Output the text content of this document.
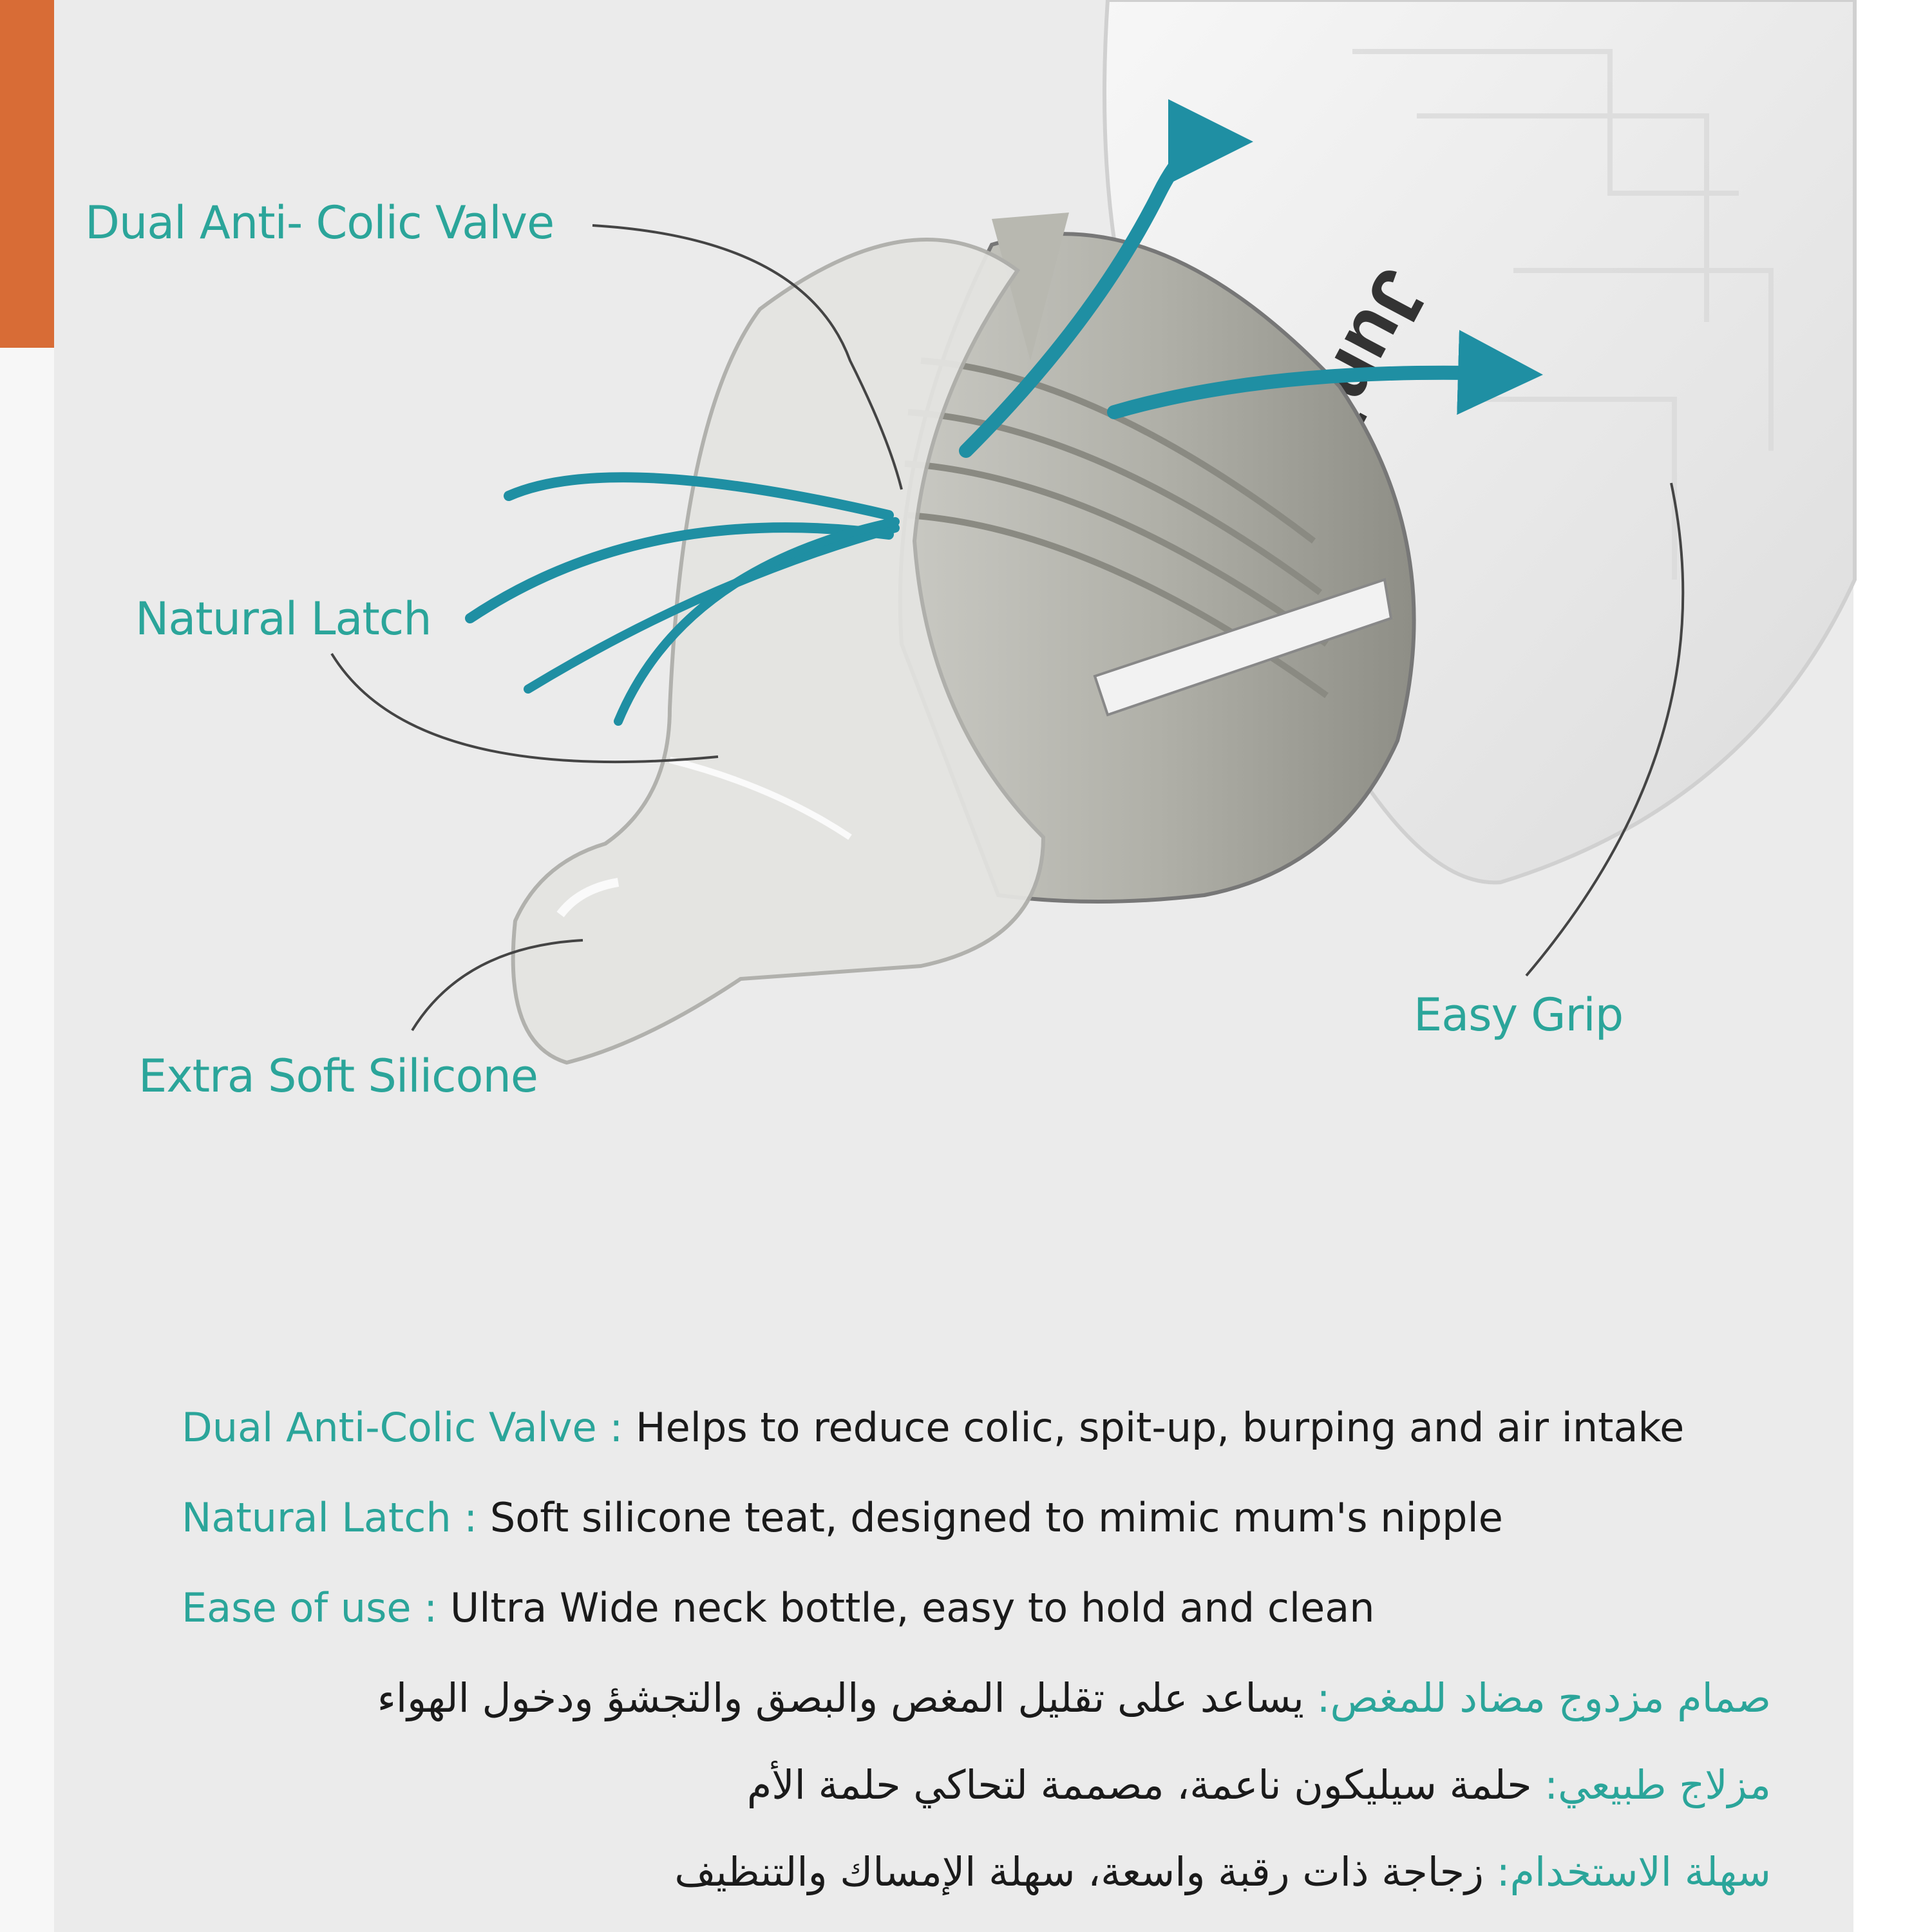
Dual Anti- Colic Valve
Natural Latch
Extra Soft Silicone
Easy Grip
Dual Anti-Colic Valve : Helps to reduce colic, spit-up, burping and air intake
Natural Latch : Soft silicone teat, designed to mimic mum's nipple
Ease of use : Ultra Wide neck bottle, easy to hold and clean
صمام مزدوج مضاد للمغص: يساعد على تقليل المغص والبصق والتجشؤ ودخول الهواء
مزلاج طبيعي: حلمة سيليكون ناعمة، مصممة لتحاكي حلمة الأم
سهلة الاستخدام: زجاجة ذات رقبة واسعة، سهلة الإمساك والتنظيف
